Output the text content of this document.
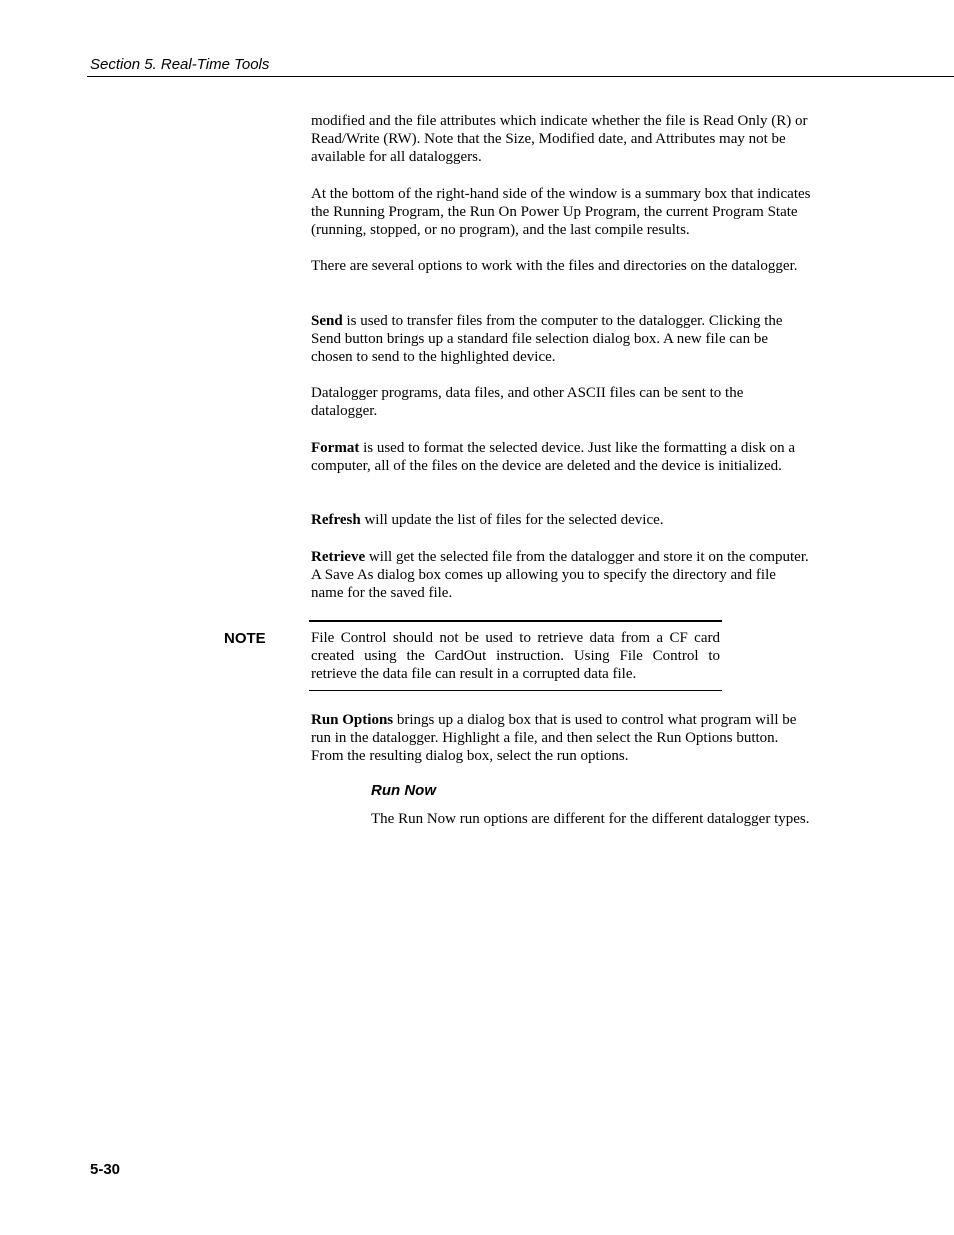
Section 5. Real-Time Tools

modified and the file attributes which indicate whether the file is Read Only (R) or Read/Write (RW). Note that the Size, Modified date, and Attributes may not be available for all dataloggers.

At the bottom of the right-hand side of the window is a summary box that indicates the Running Program, the Run On Power Up Program, the current Program State (running, stopped, or no program), and the last compile results.

There are several options to work with the files and directories on the datalogger.

Send is used to transfer files from the computer to the datalogger. Clicking the Send button brings up a standard file selection dialog box. A new file can be chosen to send to the highlighted device.

Datalogger programs, data files, and other ASCII files can be sent to the datalogger.

Format is used to format the selected device. Just like the formatting a disk on a computer, all of the files on the device are deleted and the device is initialized.

Refresh will update the list of files for the selected device.

Retrieve will get the selected file from the datalogger and store it on the computer. A Save As dialog box comes up allowing you to specify the directory and file name for the saved file.

NOTE	File Control should not be used to retrieve data from a CF card created using the CardOut instruction. Using File Control to retrieve the data file can result in a corrupted data file.

Run Options brings up a dialog box that is used to control what program will be run in the datalogger. Highlight a file, and then select the Run Options button. From the resulting dialog box, select the run options.

Run Now

The Run Now run options are different for the different datalogger types.

5-30
